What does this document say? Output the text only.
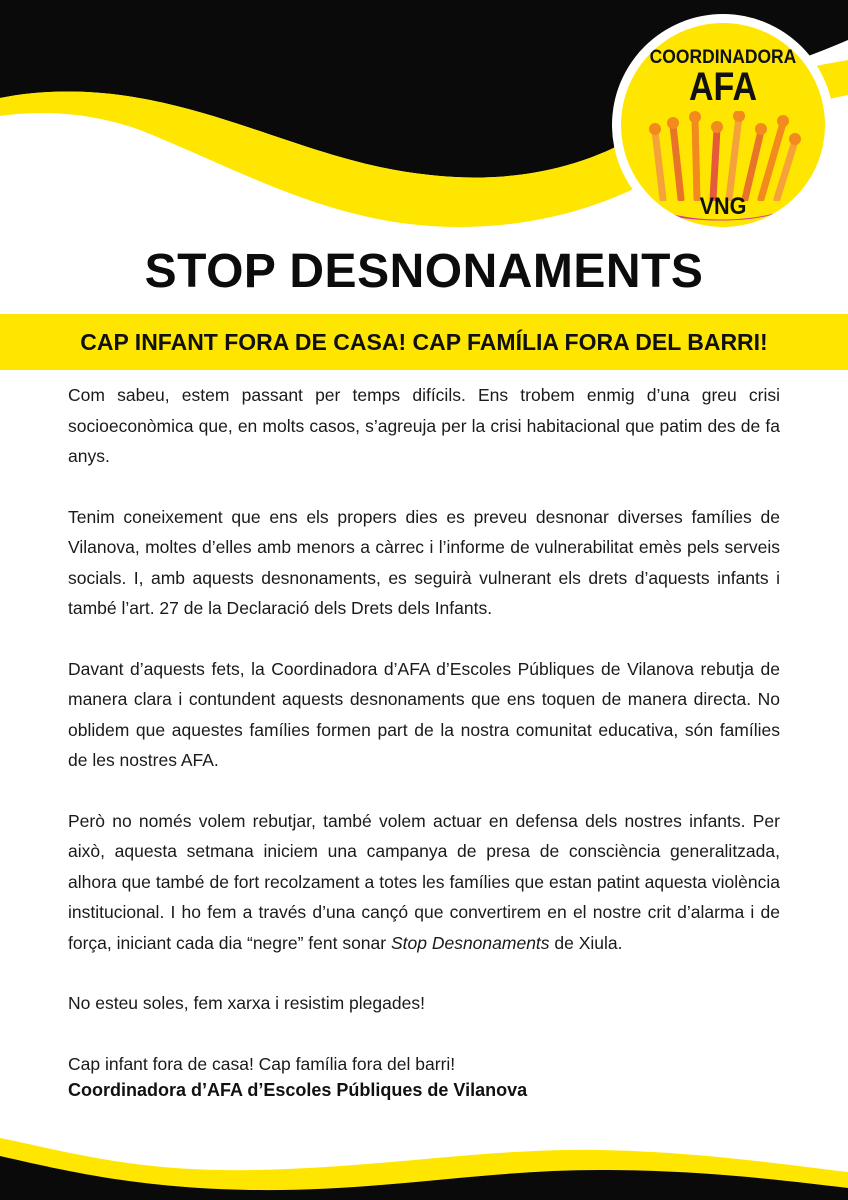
COORDINADORA
AFA
VNG
STOP DESNONAMENTS
CAP INFANT FORA DE CASA! CAP FAMÍLIA FORA DEL BARRI!

Com sabeu, estem passant per temps difícils. Ens trobem enmig d’una greu crisi socioeconòmica que, en molts casos, s’agreuja per la crisi habitacional que patim des de fa anys.

Tenim coneixement que ens els propers dies es preveu desnonar diverses famílies de Vilanova, moltes d’elles amb menors a càrrec i l’informe de vulnerabilitat emès pels serveis socials. I, amb aquests desnonaments, es seguirà vulnerant els drets d’aquests infants i també l’art. 27 de la Declaració dels Drets dels Infants.

Davant d’aquests fets, la Coordinadora d’AFA d’Escoles Públiques de Vilanova rebutja de manera clara i contundent aquests desnonaments que ens toquen de manera directa. No oblidem que aquestes famílies formen part de la nostra comunitat educativa, són famílies de les nostres AFA.

Però no només volem rebutjar, també volem actuar en defensa dels nostres infants. Per això, aquesta setmana iniciem una campanya de presa de consciència generalitzada, alhora que també de fort recolzament a totes les famílies que estan patint aquesta violència institucional. I ho fem a través d’una cançó que convertirem en el nostre crit d’alarma i de força, iniciant cada dia “negre” fent sonar Stop Desnonaments de Xiula.

No esteu soles, fem xarxa i resistim plegades!

Cap infant fora de casa! Cap família fora del barri!

Coordinadora d’AFA d’Escoles Públiques de Vilanova
